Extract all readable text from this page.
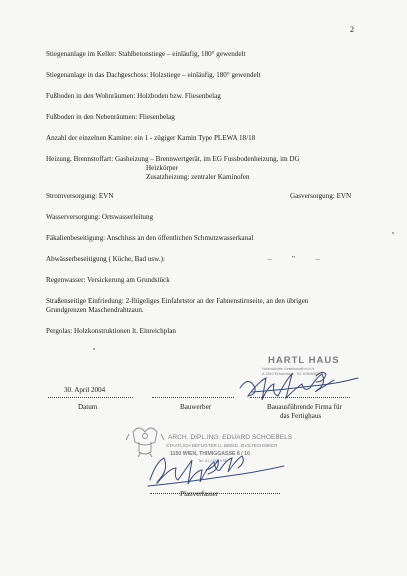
2
Stiegenanlage im Keller: Stahlbetonstiege – einläufig, 180° gewendelt
Stiegenanlage in das Dachgeschoss: Holzstiege – einläufig, 180° gewendelt
Fußboden in den Wohnräumen: Holzboden bzw. Fliesenbelag
Fußboden in den Nebenräumen: Fliesenbelag
Anzahl der einzelnen Kamine: ein 1 - zügiger Kamin Type PLEWA 18/18
Heizung, Brennstoffart: Gasheizung – Brennwertgerät, im EG Fussbodenheizung, im DG
Heizkörper
Zusatzheizung: zentraler Kaminofen
Stromversorgung: EVN	Gasversorgung: EVN
Wasserversorgung: Ortswasserleitung
Fäkalienbeseitigung: Anschluss an den öffentlichen Schmutzwasserkanal
Abwässerbeseitigung ( Küche, Bad usw.):	–	"	–
Regenwasser: Versickerung am Grundstück
Straßenseitige Einfriedung: 2-flügeliges Einfahrtstor an der Fahnenstirnseite, an den übrigen
Grundgrenzen Maschendrahtzaun.
Pergolas: Holzkonstruktionen lt. Einreichplan
HARTL HAUS
Holzindustrie Gesellschaft m.b.H.
A-3910 Echsenbach, Tel. 02849/8332
30. April 2004
Datum	Bauwerber	Bauausführende Firma für
das Fertighaus
ARCH. DIPL.ING. EDUARD SCHOEBELS
STAATLICH BEFUGTER U. BEEID. ZIVILTECHNIKER
1150 WIEN, THIMIGGASSE 8 / 10
Tel. 01 478 19 55
Planverfasser
